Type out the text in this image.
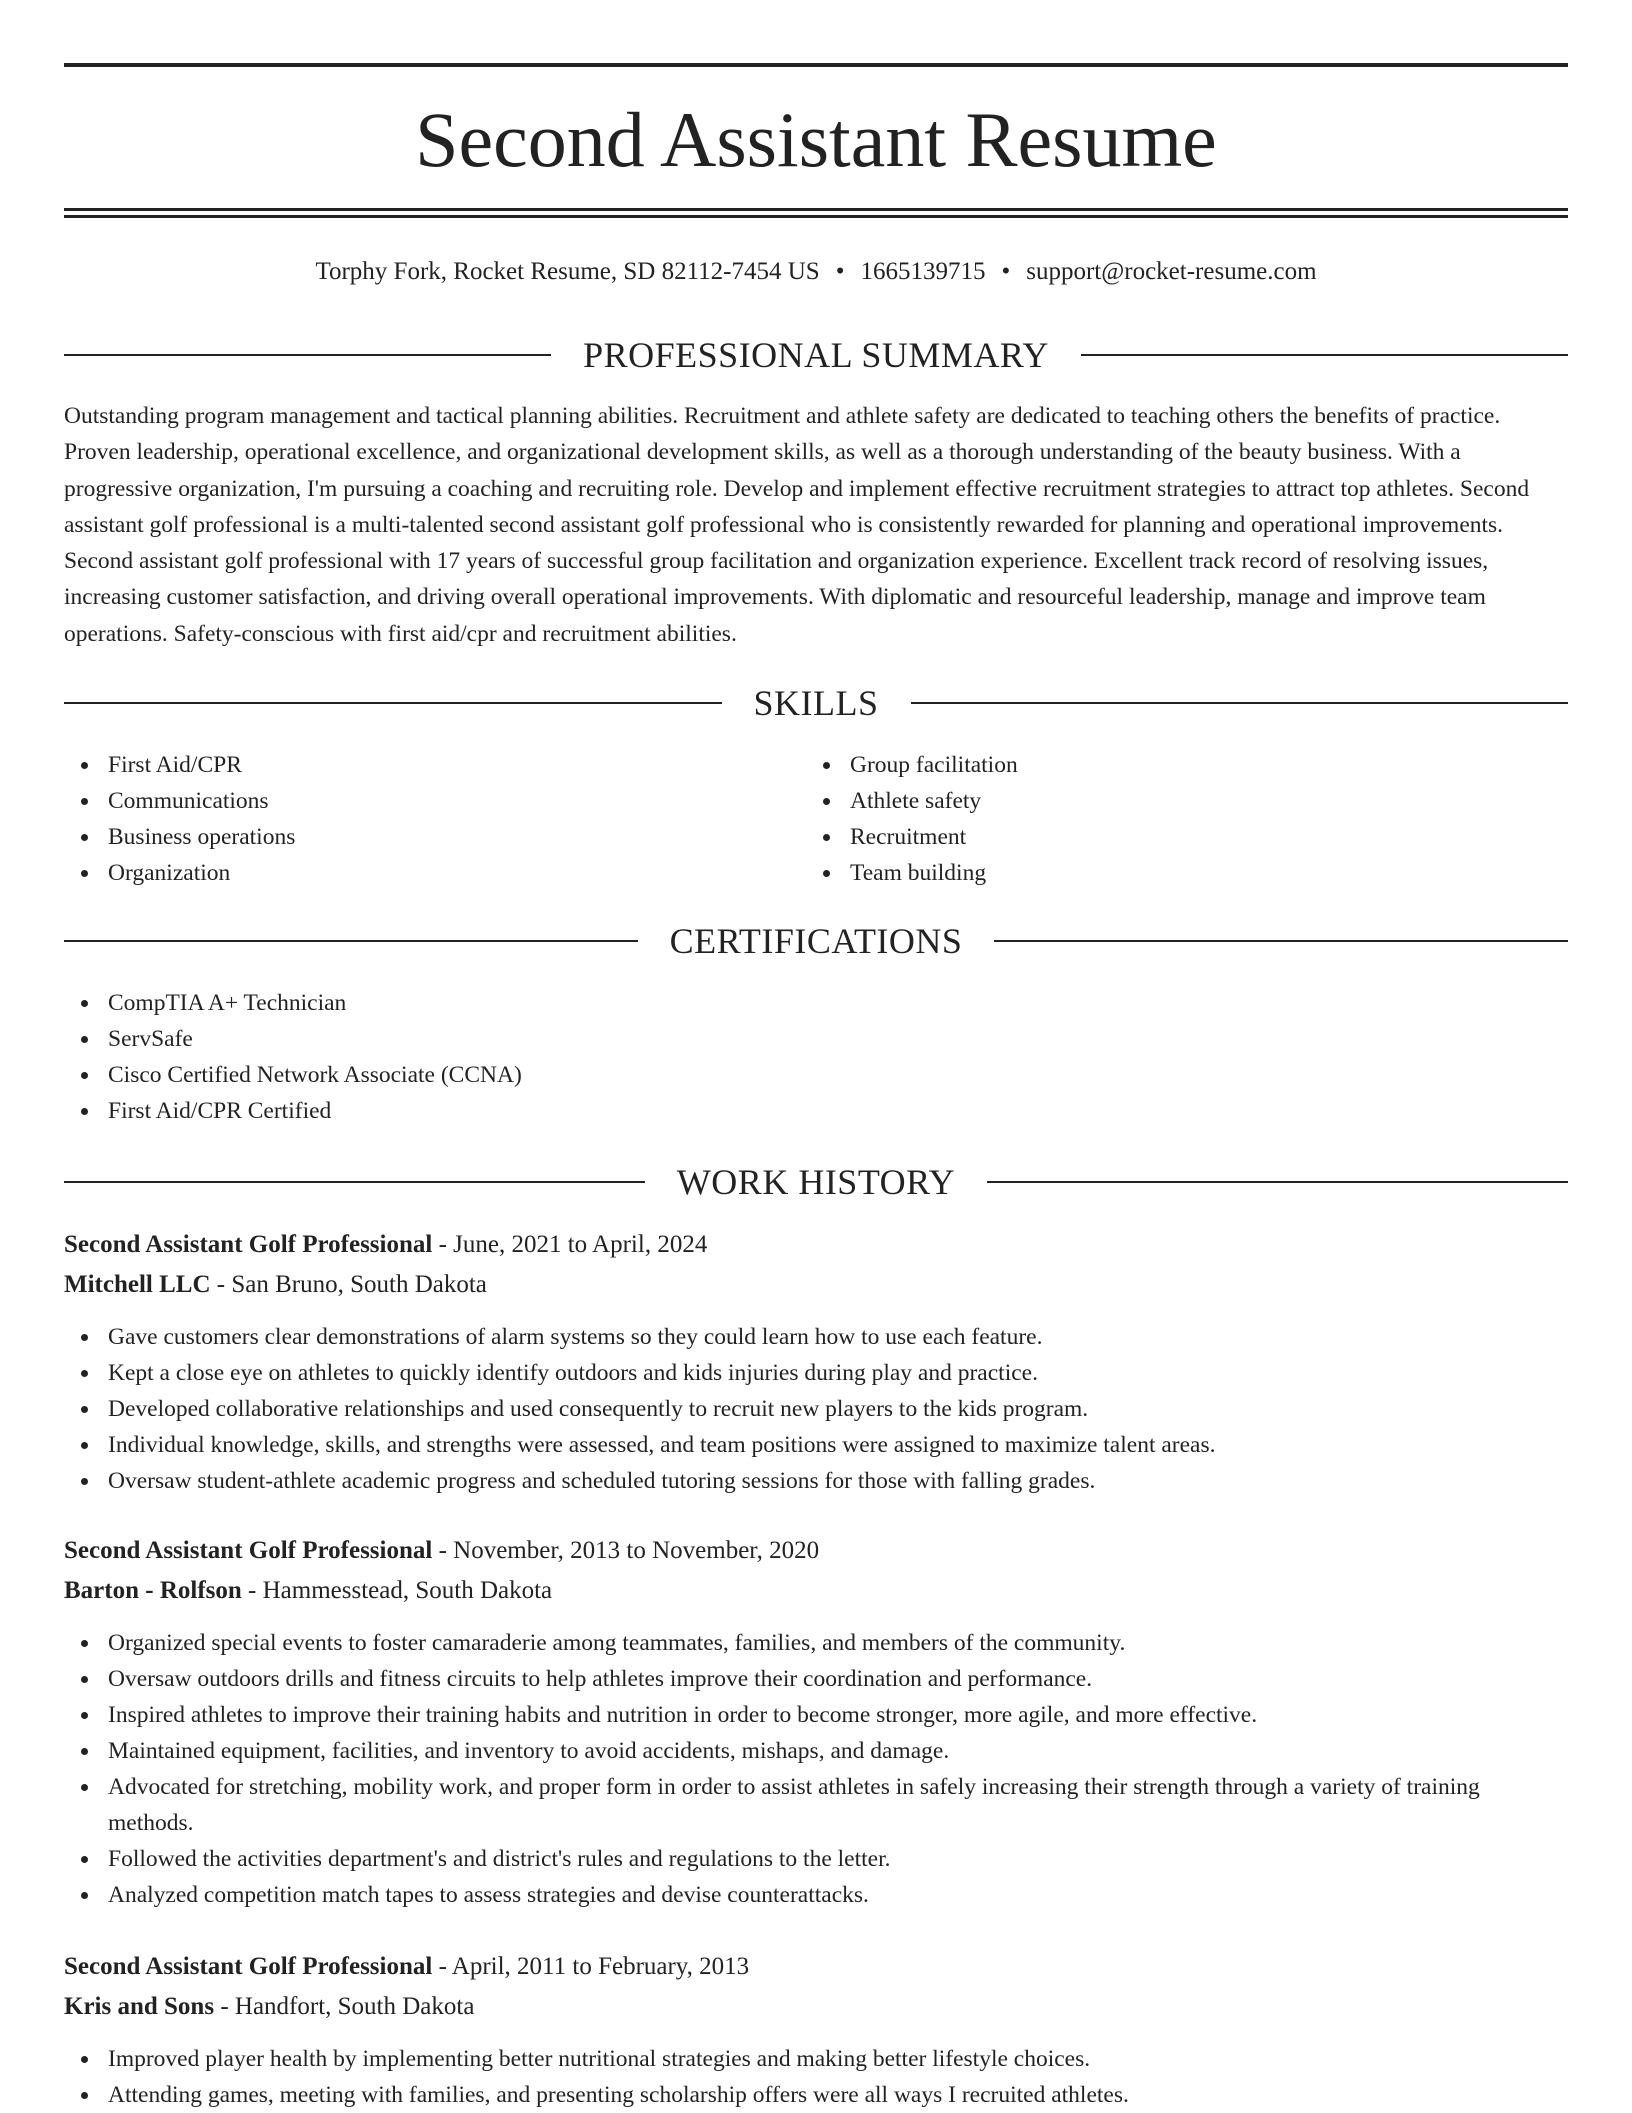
Second Assistant Resume
Torphy Fork, Rocket Resume, SD 82112-7454 US • 1665139715 • support@rocket-resume.com
PROFESSIONAL SUMMARY

Outstanding program management and tactical planning abilities. Recruitment and athlete safety are dedicated to teaching others the benefits of practice. Proven leadership, operational excellence, and organizational development skills, as well as a thorough understanding of the beauty business. With a progressive organization, I'm pursuing a coaching and recruiting role. Develop and implement effective recruitment strategies to attract top athletes. Second assistant golf professional is a multi-talented second assistant golf professional who is consistently rewarded for planning and operational improvements. Second assistant golf professional with 17 years of successful group facilitation and organization experience. Excellent track record of resolving issues, increasing customer satisfaction, and driving overall operational improvements. With diplomatic and resourceful leadership, manage and improve team operations. Safety-conscious with first aid/cpr and recruitment abilities.

SKILLS
First Aid/CPR
Communications
Business operations
Organization
Group facilitation
Athlete safety
Recruitment
Team building
CERTIFICATIONS
CompTIA A+ Technician
ServSafe
Cisco Certified Network Associate (CCNA)
First Aid/CPR Certified
WORK HISTORY
Second Assistant Golf Professional - June, 2021 to April, 2024
Mitchell LLC - San Bruno, South Dakota
Gave customers clear demonstrations of alarm systems so they could learn how to use each feature.
Kept a close eye on athletes to quickly identify outdoors and kids injuries during play and practice.
Developed collaborative relationships and used consequently to recruit new players to the kids program.
Individual knowledge, skills, and strengths were assessed, and team positions were assigned to maximize talent areas.
Oversaw student-athlete academic progress and scheduled tutoring sessions for those with falling grades.
Second Assistant Golf Professional - November, 2013 to November, 2020
Barton - Rolfson - Hammesstead, South Dakota
Organized special events to foster camaraderie among teammates, families, and members of the community.
Oversaw outdoors drills and fitness circuits to help athletes improve their coordination and performance.
Inspired athletes to improve their training habits and nutrition in order to become stronger, more agile, and more effective.
Maintained equipment, facilities, and inventory to avoid accidents, mishaps, and damage.
Advocated for stretching, mobility work, and proper form in order to assist athletes in safely increasing their strength through a variety of training methods.
Followed the activities department's and district's rules and regulations to the letter.
Analyzed competition match tapes to assess strategies and devise counterattacks.
Second Assistant Golf Professional - April, 2011 to February, 2013
Kris and Sons - Handfort, South Dakota
Improved player health by implementing better nutritional strategies and making better lifestyle choices.
Attending games, meeting with families, and presenting scholarship offers were all ways I recruited athletes.
